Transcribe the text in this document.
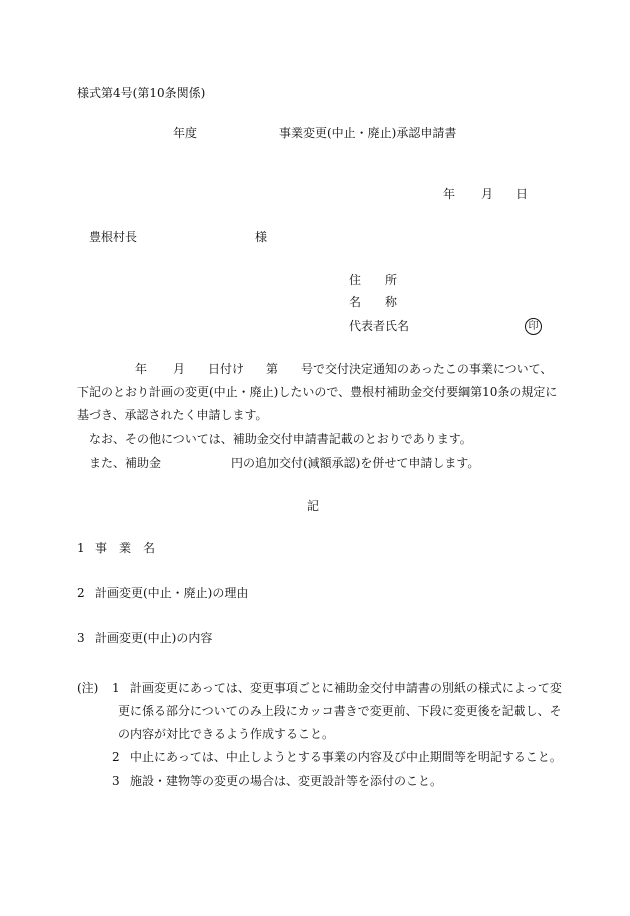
様式第4号(第10条関係)
年度	事業変更(中止・廃止)承認申請書
年 月 日
豊根村長	様
住　　所
名　　称
代表者氏名	印
年 月 日付け 第 号で交付決定通知のあったこの事業について、
下記のとおり計画の変更(中止・廃止)したいので、豊根村補助金交付要綱第10条の規定に
基づき、承認されたく申請します。
なお、その他については、補助金交付申請書記載のとおりであります。
また、補助金	円の追加交付(減額承認)を併せて申請します。
記
1 事　業　名
2 計画変更(中止・廃止)の理由
3 計画変更(中止)の内容
(注) 1 計画変更にあっては、変更事項ごとに補助金交付申請書の別紙の様式によって変
更に係る部分についてのみ上段にカッコ書きで変更前、下段に変更後を記載し、そ
の内容が対比できるよう作成すること。
2 中止にあっては、中止しようとする事業の内容及び中止期間等を明記すること。
3 施設・建物等の変更の場合は、変更設計等を添付のこと。
